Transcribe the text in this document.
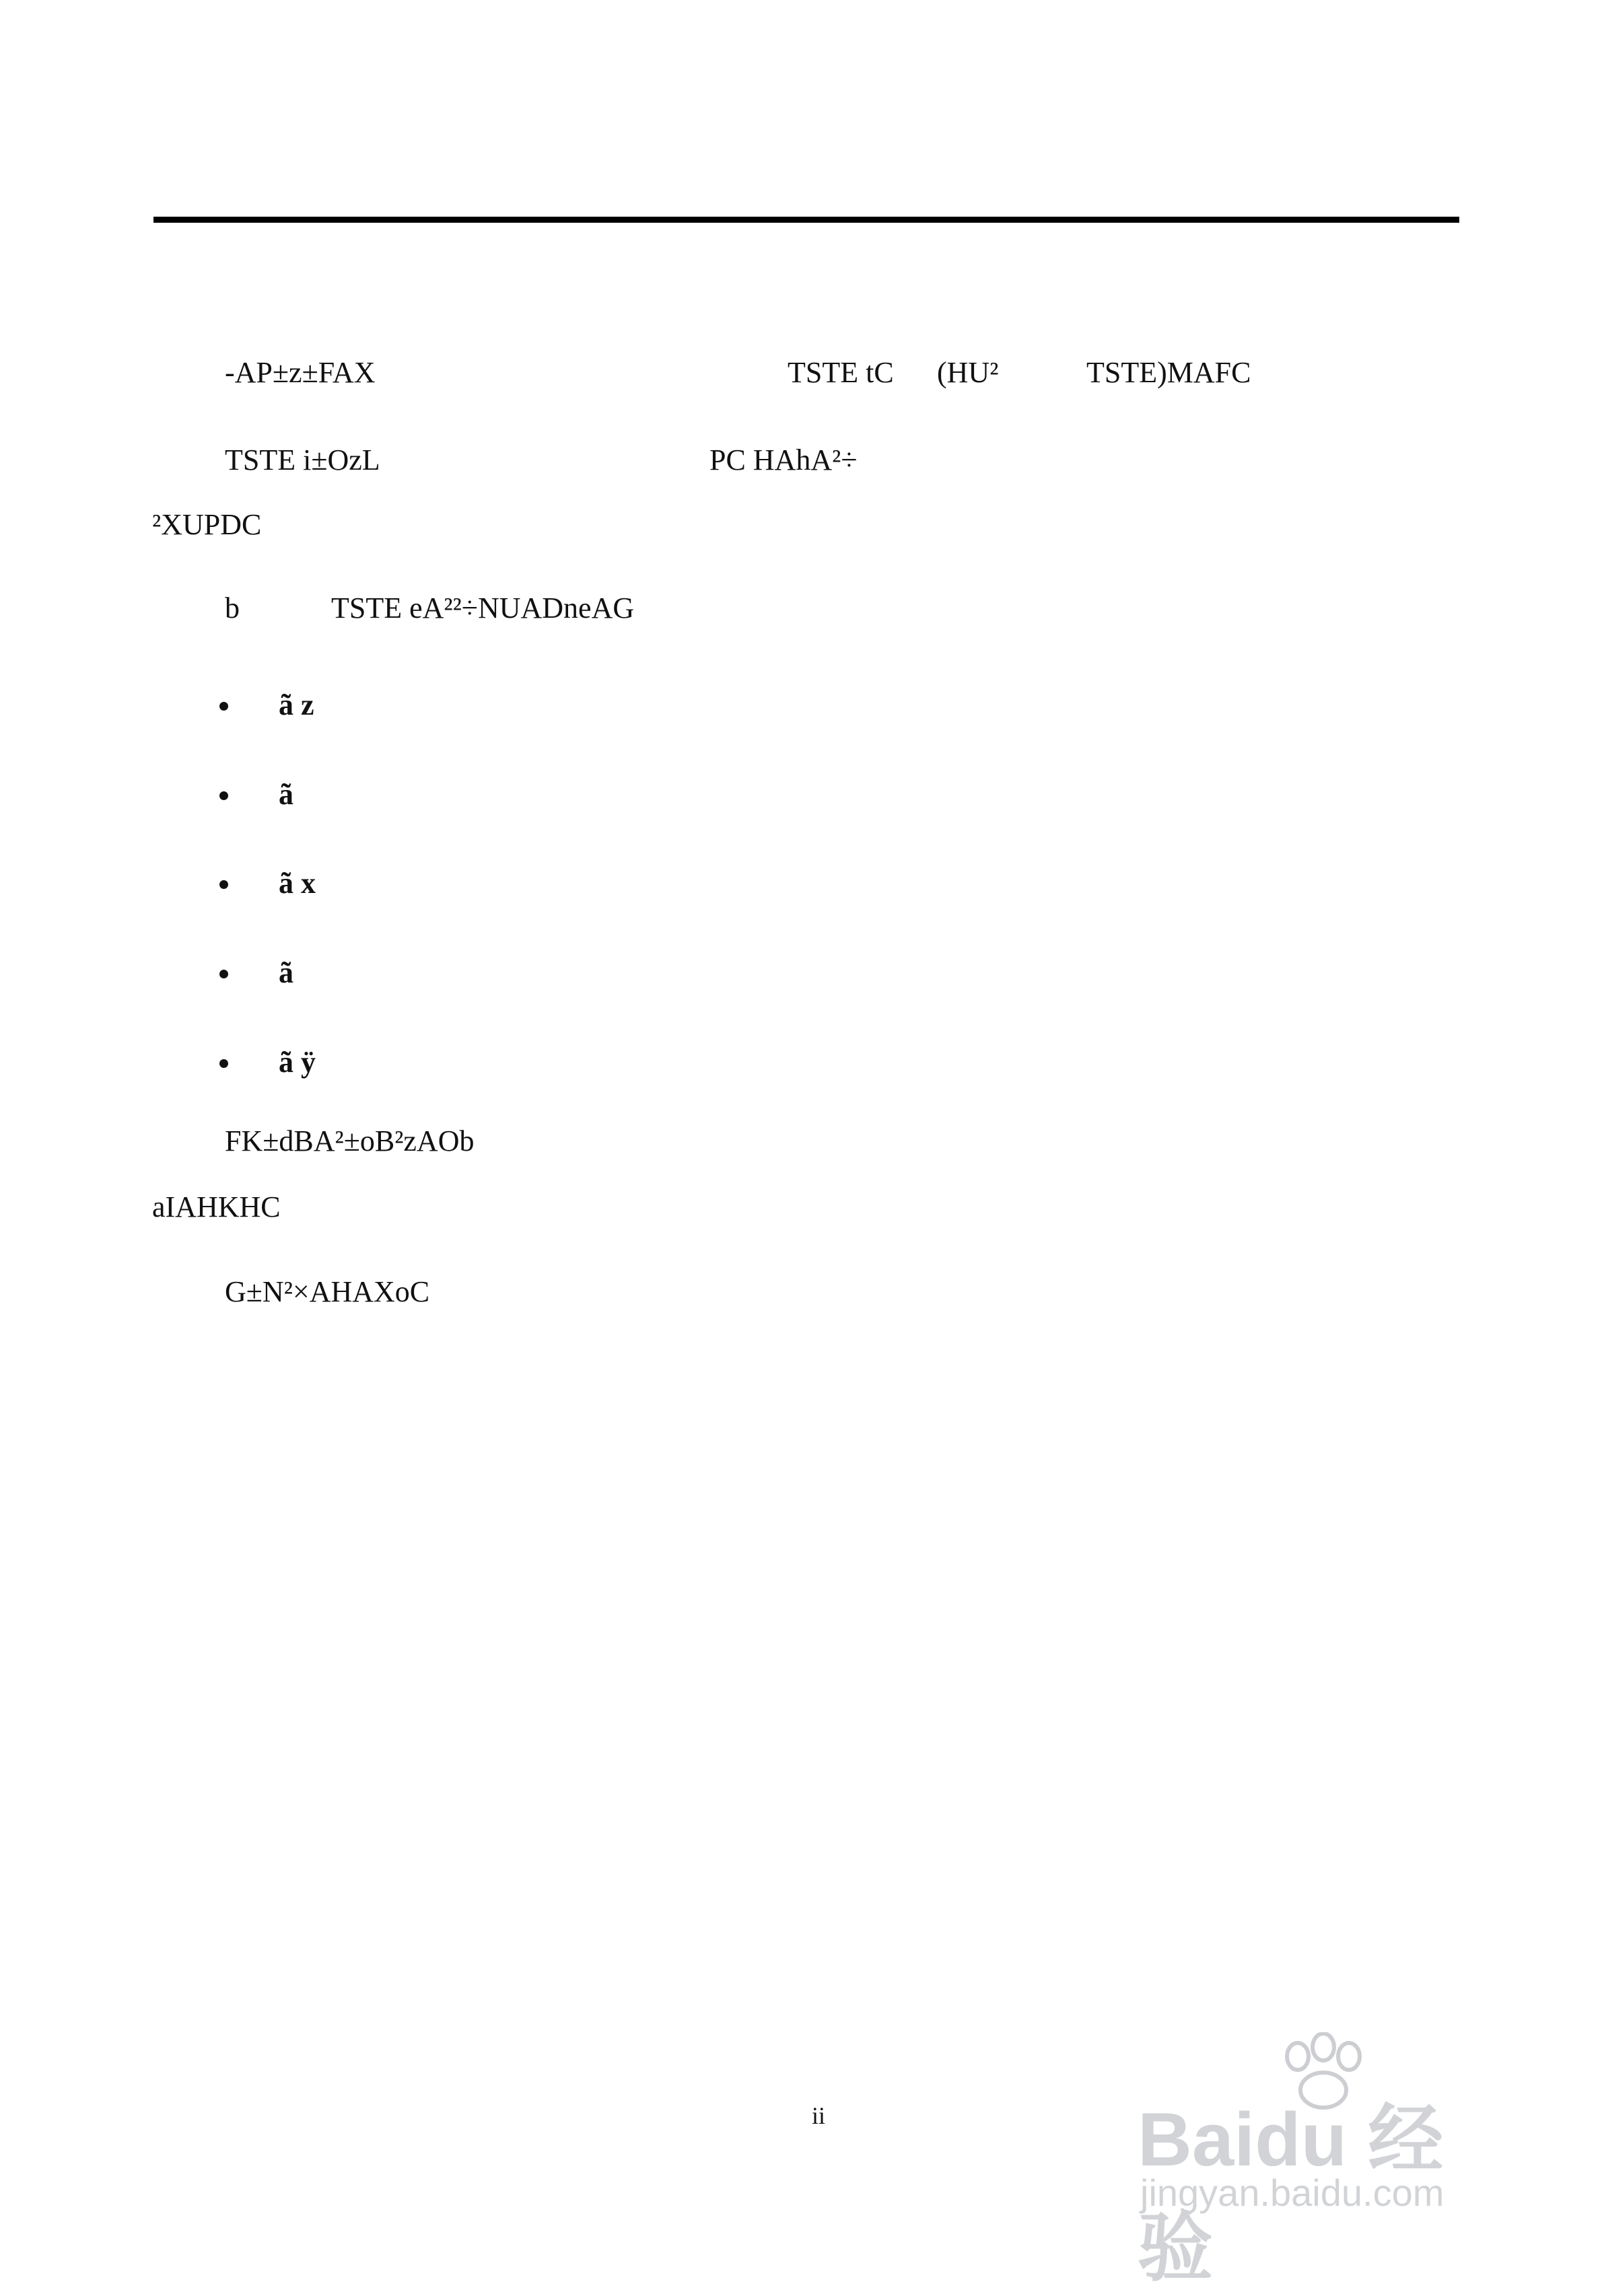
-AP±z±FAX	TSTE tC (HU²	TSTE)MAFC
TSTE i±OzL	PC HAhA²÷
²XUPDC
b	TSTE eA²²÷NUADneAG
ã z
ã
ã x
ã
ã ÿ
FK±dBA²±oB²zAOb
aIAHKHC
G±N²×AHAXoC
ii	Baidu 经验
jingyan.baidu.com
